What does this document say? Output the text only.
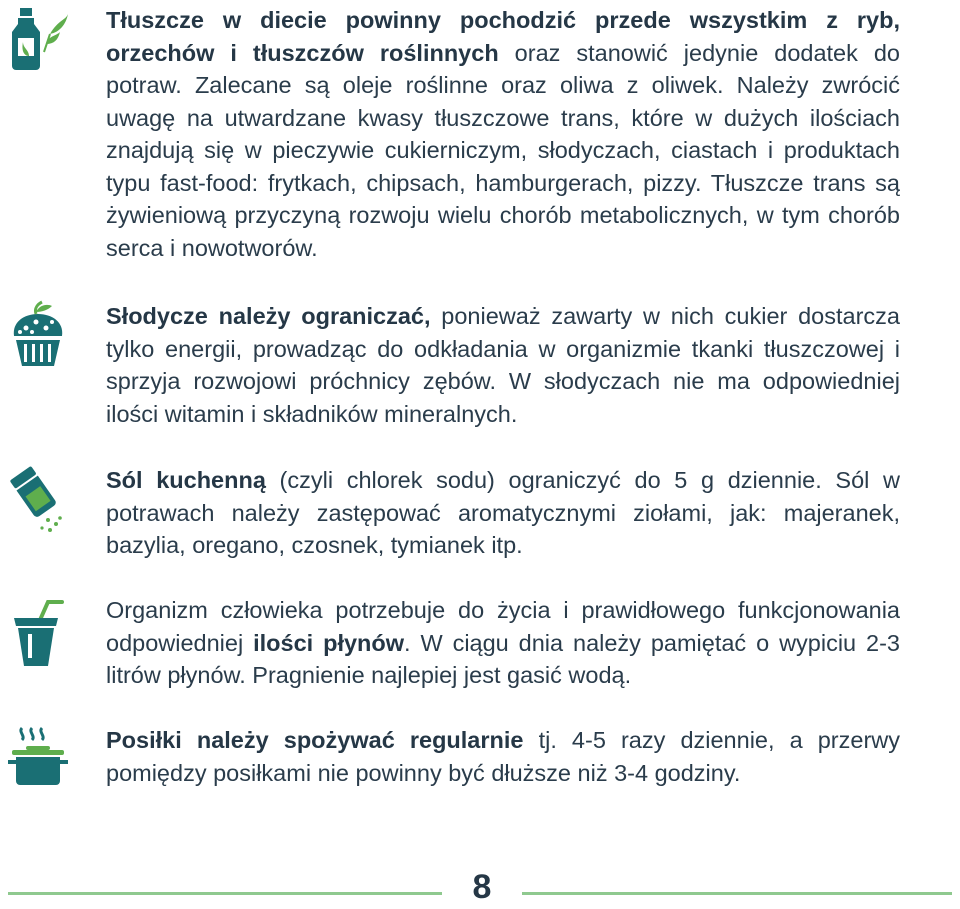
Tłuszcze w diecie powinny pochodzić przede wszystkim z ryb, orzechów i tłuszczów roślinnych oraz stanowić jedynie dodatek do potraw. Zalecane są oleje roślinne oraz oliwa z oliwek. Należy zwrócić uwagę na utwardzane kwasy tłuszczowe trans, które w dużych ilościach znajdują się w pieczywie cukierniczym, słodyczach, ciastach i produktach typu fast-food: frytkach, chipsach, hamburgerach, pizzy. Tłuszcze trans są żywieniową przyczyną rozwoju wielu chorób metabolicznych, w tym chorób serca i nowotworów.

Słodycze należy ograniczać, ponieważ zawarty w nich cukier dostarcza tylko energii, prowadząc do odkładania w organizmie tkanki tłuszczowej i sprzyja rozwojowi próchnicy zębów. W słodyczach nie ma odpowiedniej ilości witamin i składników mineralnych.

Sól kuchenną (czyli chlorek sodu) ograniczyć do 5 g dziennie. Sól w potrawach należy zastępować aromatycznymi ziołami, jak: majeranek, bazylia, oregano, czosnek, tymianek itp.

Organizm człowieka potrzebuje do życia i prawidłowego funkcjonowania odpowiedniej ilości płynów. W ciągu dnia należy pamiętać o wypiciu 2-3 litrów płynów. Pragnienie najlepiej jest gasić wodą.

Posiłki należy spożywać regularnie tj. 4-5 razy dziennie, a przerwy pomiędzy posiłkami nie powinny być dłuższe niż 3-4 godziny.

8
